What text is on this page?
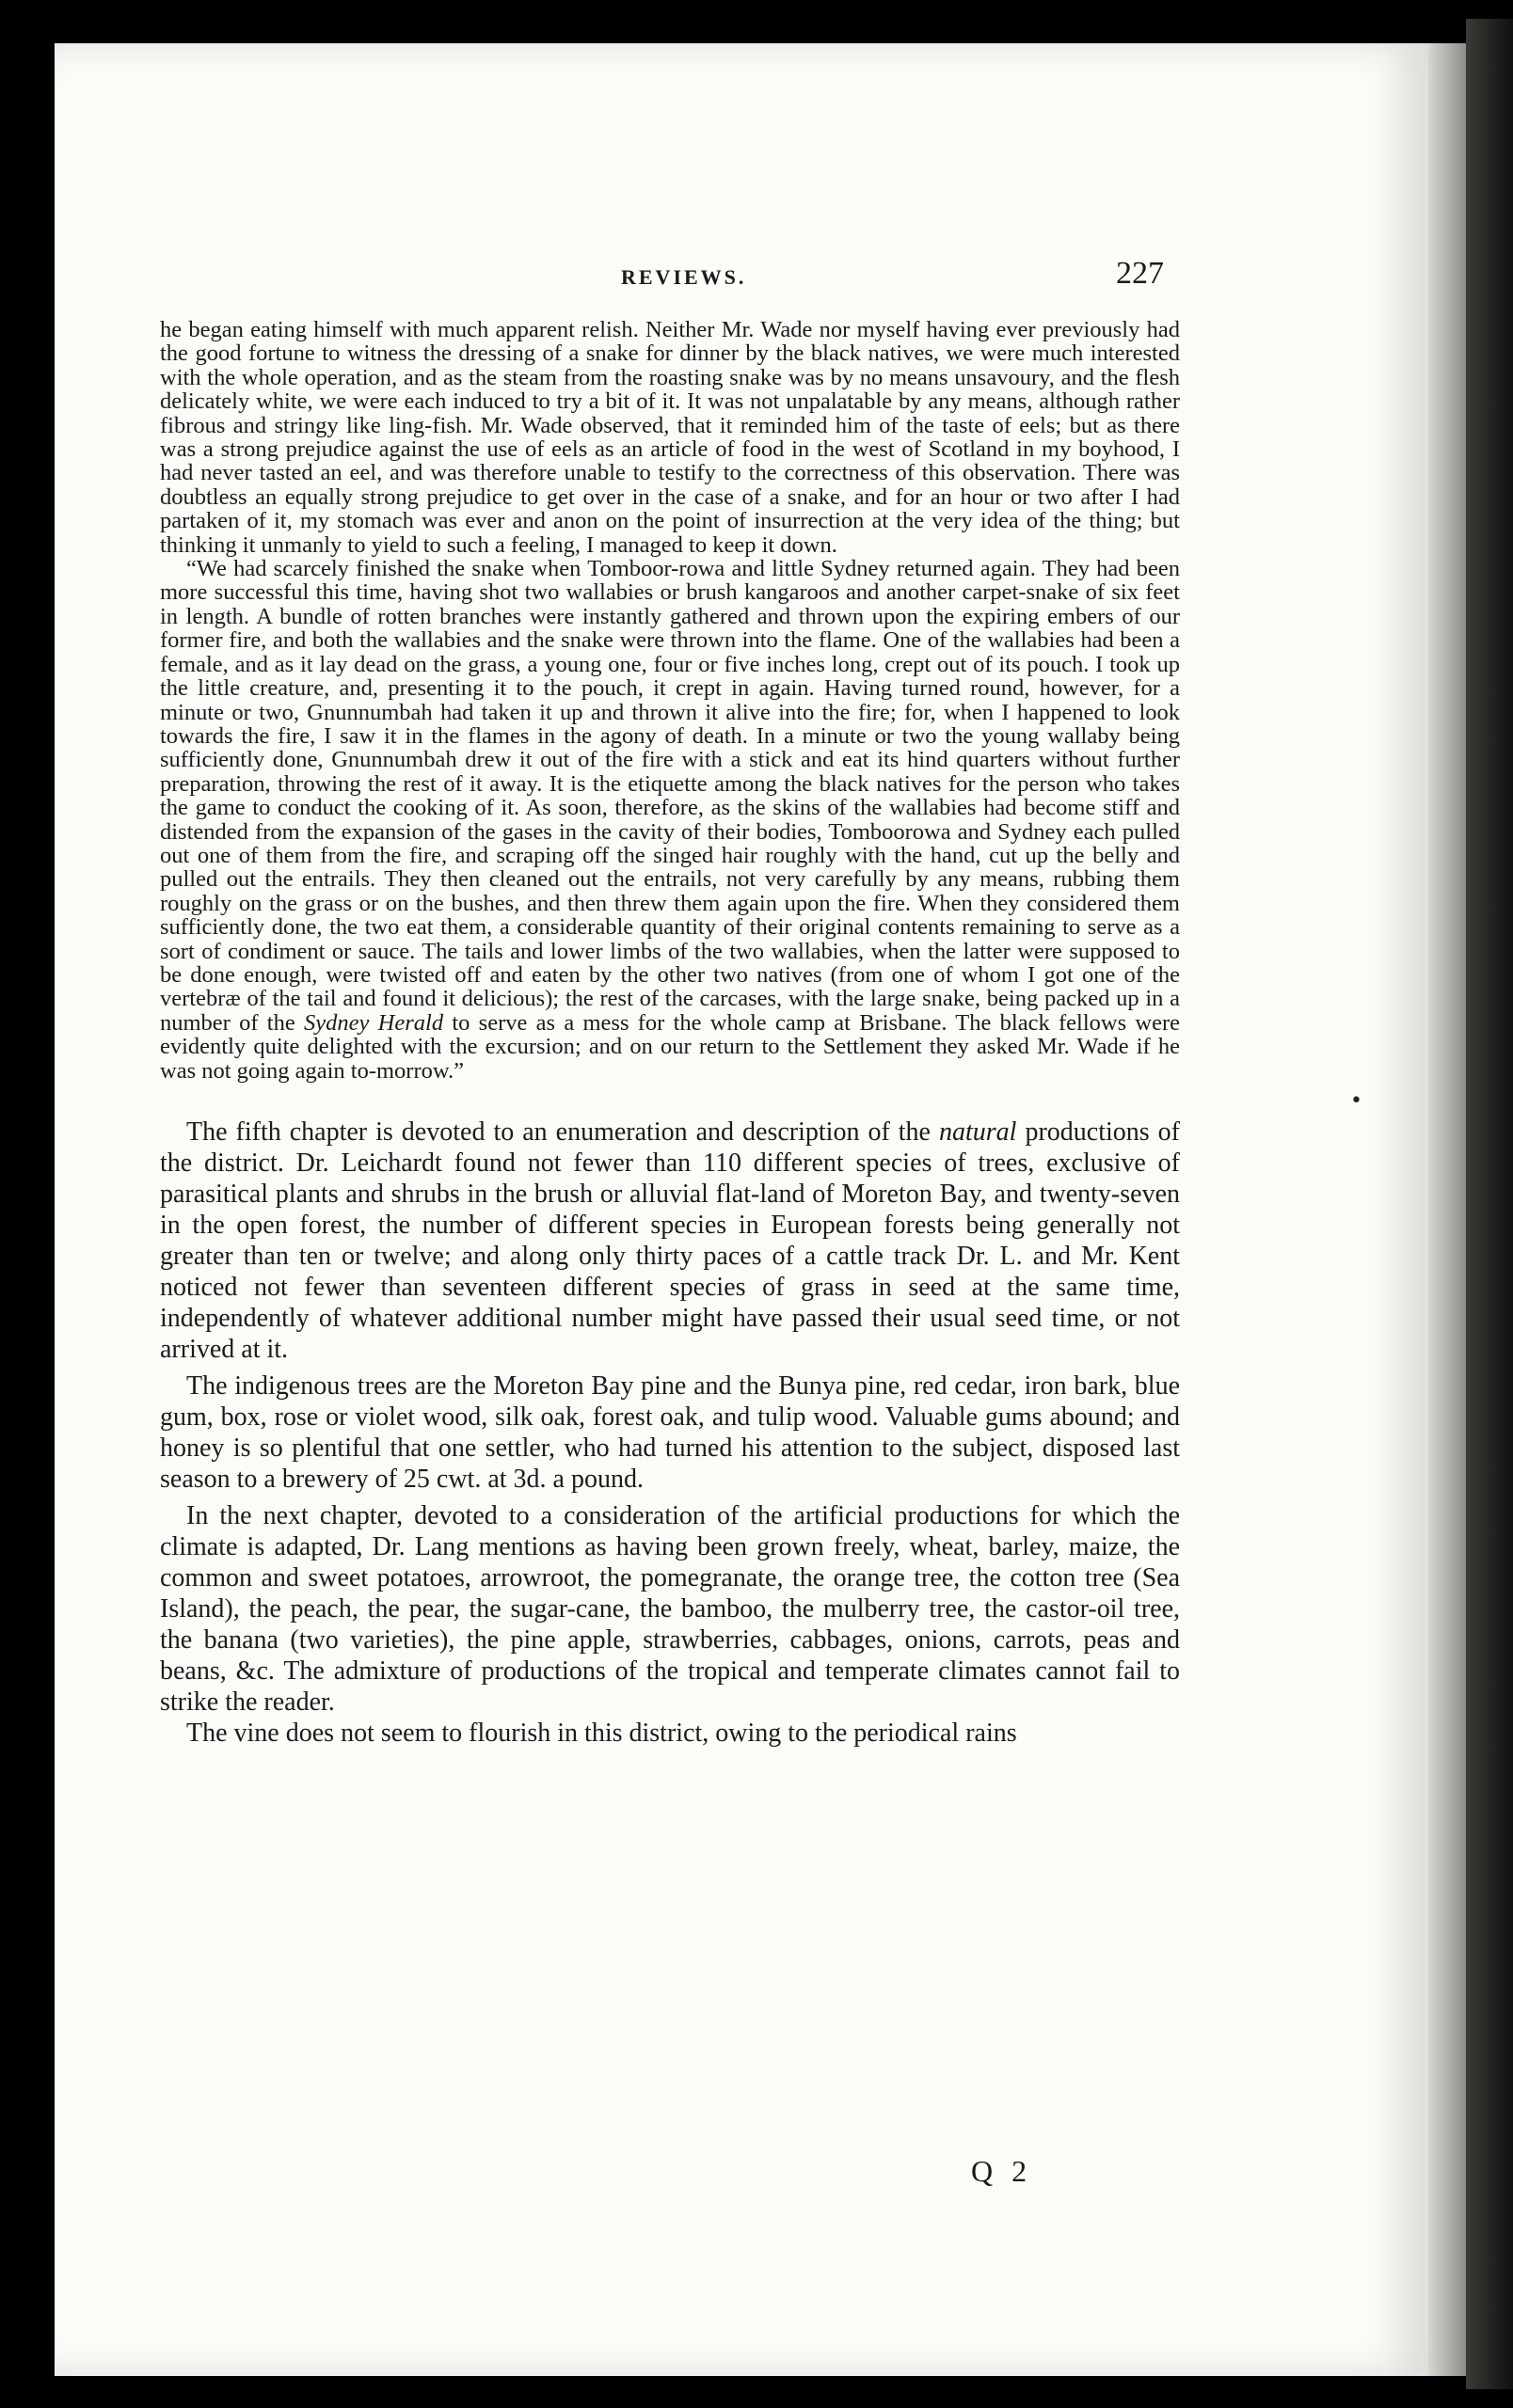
REVIEWS.	227

he began eating himself with much apparent relish. Neither Mr. Wade nor myself having ever previously had the good fortune to witness the dressing of a snake for dinner by the black natives, we were much interested with the whole operation, and as the steam from the roasting snake was by no means unsavoury, and the flesh delicately white, we were each induced to try a bit of it. It was not unpalatable by any means, although rather fibrous and stringy like ling-fish. Mr. Wade observed, that it reminded him of the taste of eels; but as there was a strong prejudice against the use of eels as an article of food in the west of Scotland in my boyhood, I had never tasted an eel, and was therefore unable to testify to the correctness of this observation. There was doubtless an equally strong prejudice to get over in the case of a snake, and for an hour or two after I had partaken of it, my stomach was ever and anon on the point of insurrection at the very idea of the thing; but thinking it unmanly to yield to such a feeling, I managed to keep it down.

“We had scarcely finished the snake when Tomboor-rowa and little Sydney returned again. They had been more successful this time, having shot two wallabies or brush kangaroos and another carpet-snake of six feet in length. A bundle of rotten branches were instantly gathered and thrown upon the expiring embers of our former fire, and both the wallabies and the snake were thrown into the flame. One of the wallabies had been a female, and as it lay dead on the grass, a young one, four or five inches long, crept out of its pouch. I took up the little creature, and, presenting it to the pouch, it crept in again. Having turned round, however, for a minute or two, Gnunnumbah had taken it up and thrown it alive into the fire; for, when I happened to look towards the fire, I saw it in the flames in the agony of death. In a minute or two the young wallaby being sufficiently done, Gnunnumbah drew it out of the fire with a stick and eat its hind quarters without further preparation, throwing the rest of it away. It is the etiquette among the black natives for the person who takes the game to conduct the cooking of it. As soon, therefore, as the skins of the wallabies had become stiff and distended from the expansion of the gases in the cavity of their bodies, Tomboorowa and Sydney each pulled out one of them from the fire, and scraping off the singed hair roughly with the hand, cut up the belly and pulled out the entrails. They then cleaned out the entrails, not very carefully by any means, rubbing them roughly on the grass or on the bushes, and then threw them again upon the fire. When they considered them sufficiently done, the two eat them, a considerable quantity of their original contents remaining to serve as a sort of condiment or sauce. The tails and lower limbs of the two wallabies, when the latter were supposed to be done enough, were twisted off and eaten by the other two natives (from one of whom I got one of the vertebræ of the tail and found it delicious); the rest of the carcases, with the large snake, being packed up in a number of the Sydney Herald to serve as a mess for the whole camp at Brisbane. The black fellows were evidently quite delighted with the excursion; and on our return to the Settlement they asked Mr. Wade if he was not going again to-morrow.”

The fifth chapter is devoted to an enumeration and description of the natural productions of the district. Dr. Leichardt found not fewer than 110 different species of trees, exclusive of parasitical plants and shrubs in the brush or alluvial flat-land of Moreton Bay, and twenty-seven in the open forest, the number of different species in European forests being generally not greater than ten or twelve; and along only thirty paces of a cattle track Dr. L. and Mr. Kent noticed not fewer than seventeen different species of grass in seed at the same time, independently of whatever additional number might have passed their usual seed time, or not arrived at it.

The indigenous trees are the Moreton Bay pine and the Bunya pine, red cedar, iron bark, blue gum, box, rose or violet wood, silk oak, forest oak, and tulip wood. Valuable gums abound; and honey is so plentiful that one settler, who had turned his attention to the subject, disposed last season to a brewery of 25 cwt. at 3d. a pound.

In the next chapter, devoted to a consideration of the artificial productions for which the climate is adapted, Dr. Lang mentions as having been grown freely, wheat, barley, maize, the common and sweet potatoes, arrowroot, the pomegranate, the orange tree, the cotton tree (Sea Island), the peach, the pear, the sugar-cane, the bamboo, the mulberry tree, the castor-oil tree, the banana (two varieties), the pine apple, strawberries, cabbages, onions, carrots, peas and beans, &c. The admixture of productions of the tropical and temperate climates cannot fail to strike the reader.

The vine does not seem to flourish in this district, owing to the periodical rains

Q 2
•
